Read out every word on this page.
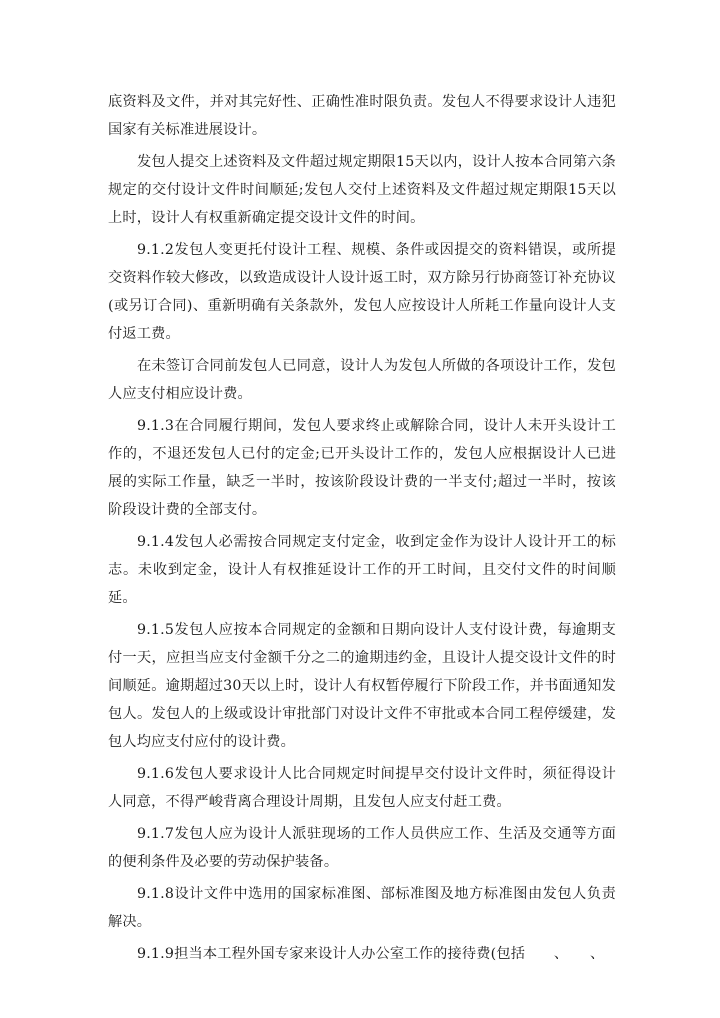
底资料及文件，并对其完好性、正确性准时限负责。发包人不得要求设计人违犯国家有关标准进展设计。

发包人提交上述资料及文件超过规定期限15天以内，设计人按本合同第六条规定的交付设计文件时间顺延;发包人交付上述资料及文件超过规定期限15天以上时，设计人有权重新确定提交设计文件的时间。

9.1.2发包人变更托付设计工程、规模、条件或因提交的资料错误，或所提交资料作较大修改，以致造成设计人设计返工时，双方除另行协商签订补充协议(或另订合同)、重新明确有关条款外，发包人应按设计人所耗工作量向设计人支付返工费。

在未签订合同前发包人已同意，设计人为发包人所做的各项设计工作，发包人应支付相应设计费。

9.1.3在合同履行期间，发包人要求终止或解除合同，设计人未开头设计工作的，不退还发包人已付的定金;已开头设计工作的，发包人应根据设计人已进展的实际工作量，缺乏一半时，按该阶段设计费的一半支付;超过一半时，按该阶段设计费的全部支付。

9.1.4发包人必需按合同规定支付定金，收到定金作为设计人设计开工的标志。未收到定金，设计人有权推延设计工作的开工时间，且交付文件的时间顺延。

9.1.5发包人应按本合同规定的金额和日期向设计人支付设计费，每逾期支付一天，应担当应支付金额千分之二的逾期违约金，且设计人提交设计文件的时间顺延。逾期超过30天以上时，设计人有权暂停履行下阶段工作，并书面通知发包人。发包人的上级或设计审批部门对设计文件不审批或本合同工程停缓建，发包人均应支付应付的设计费。

9.1.6发包人要求设计人比合同规定时间提早交付设计文件时，须征得设计人同意，不得严峻背离合理设计周期，且发包人应支付赶工费。

9.1.7发包人应为设计人派驻现场的工作人员供应工作、生活及交通等方面的便利条件及必要的劳动保护装备。

9.1.8设计文件中选用的国家标准图、部标准图及地方标准图由发包人负责解决。

9.1.9担当本工程外国专家来设计人办公室工作的接待费(包括　　、　　、
